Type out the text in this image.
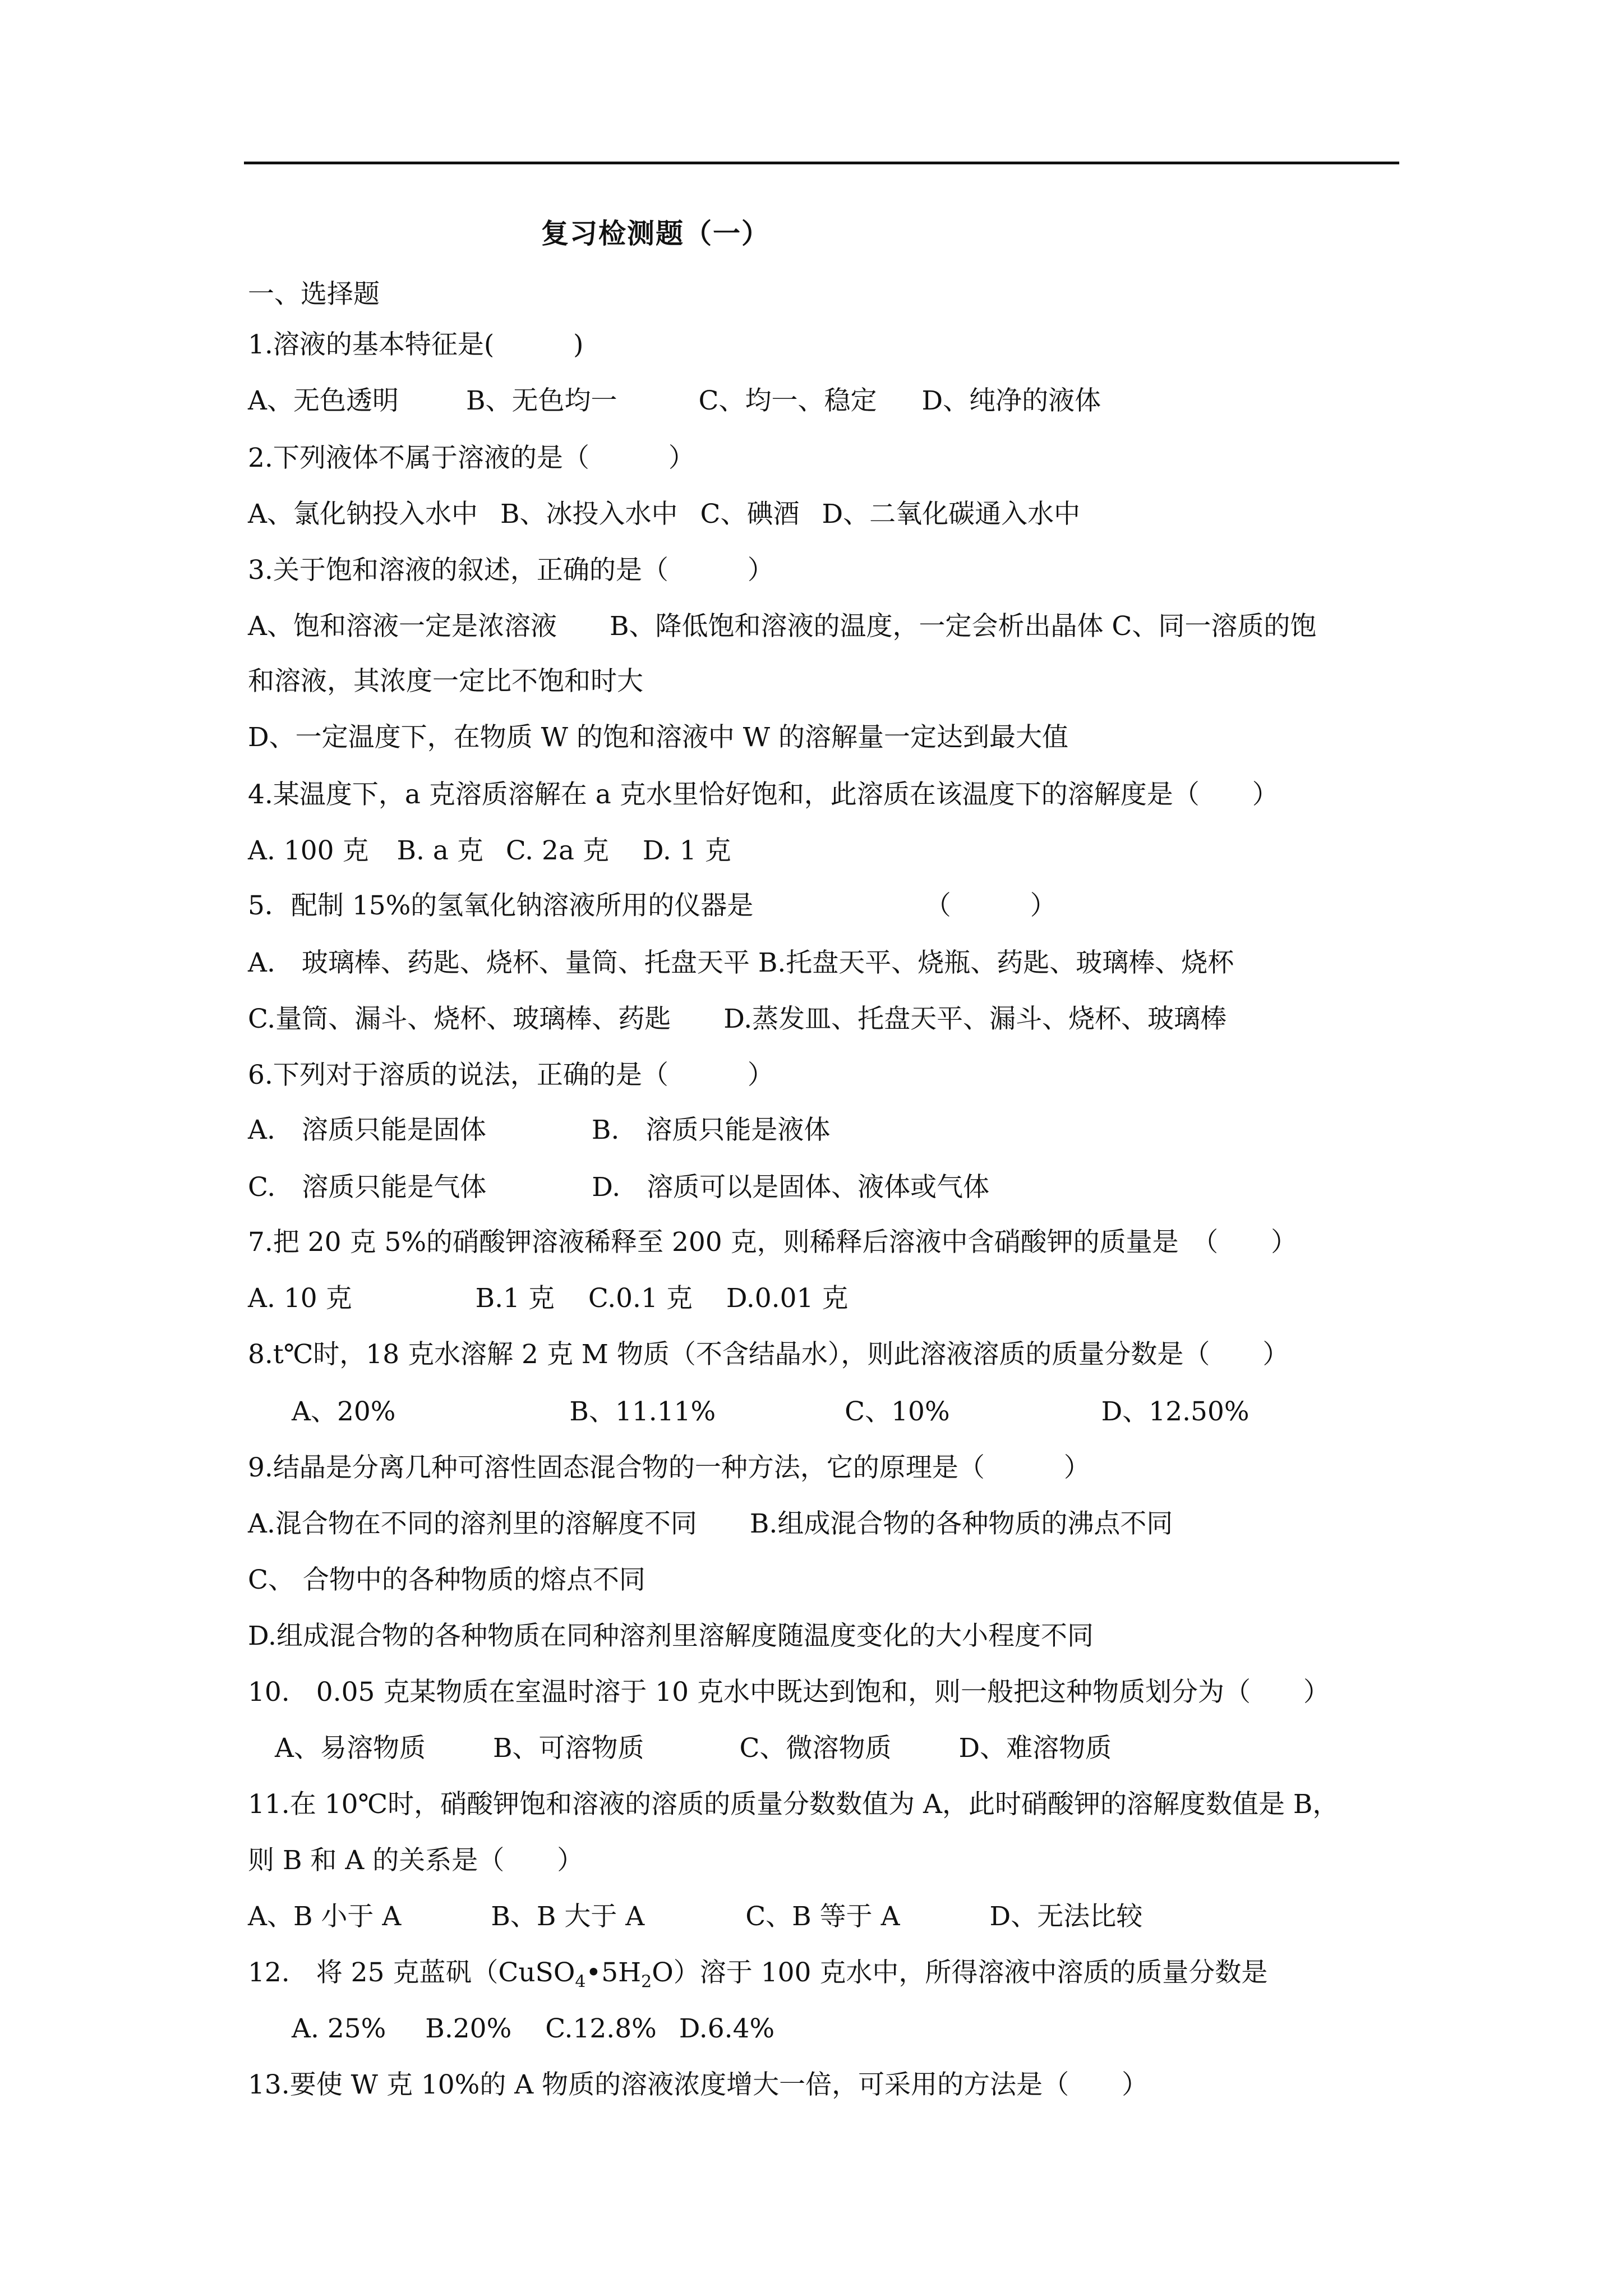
复习检测题（一）
一、选择题
1.溶液的基本特征是(　　　)
A、无色透明	B、无色均一	C、均一、稳定 D、纯净的液体
2.下列液体不属于溶液的是（　　　）
A、氯化钠投入水中 B、冰投入水中 C、碘酒 D、二氧化碳通入水中
3.关于饱和溶液的叙述，正确的是（　　　）
A、饱和溶液一定是浓溶液　　B、降低饱和溶液的温度，一定会析出晶体 C、同一溶质的饱
和溶液，其浓度一定比不饱和时大
D、一定温度下，在物质 W 的饱和溶液中 W 的溶解量一定达到最大值
4.某温度下，a 克溶质溶解在 a 克水里恰好饱和，此溶质在该温度下的溶解度是（　　）
A. 100 克 B. a 克 C. 2a 克 D. 1 克
5．配制 15%的氢氧化钠溶液所用的仪器是　　　　　　　（　　　）
A.　玻璃棒、药匙、烧杯、量筒、托盘天平 B.托盘天平、烧瓶、药匙、玻璃棒、烧杯
C.量筒、漏斗、烧杯、玻璃棒、药匙　　D.蒸发皿、托盘天平、漏斗、烧杯、玻璃棒
6.下列对于溶质的说法，正确的是（　　　）
A.　溶质只能是固体　　　　B.　溶质只能是液体
C.　溶质只能是气体　　　　D.　溶质可以是固体、液体或气体
7.把 20 克 5%的硝酸钾溶液稀释至 200 克，则稀释后溶液中含硝酸钾的质量是　（　　）
A. 10 克	B.1 克 C.0.1 克 D.0.01 克
8.t℃时，18 克水溶解 2 克 M 物质（不含结晶水），则此溶液溶质的质量分数是（　　）
A、20%	B、11.11%	C、10%	D、12.50%
9.结晶是分离几种可溶性固态混合物的一种方法，它的原理是（　　　）
A.混合物在不同的溶剂里的溶解度不同　　B.组成混合物的各种物质的沸点不同
C、 合物中的各种物质的熔点不同
D.组成混合物的各种物质在同种溶剂里溶解度随温度变化的大小程度不同
10.　0.05 克某物质在室温时溶于 10 克水中既达到饱和，则一般把这种物质划分为（　　）
A、易溶物质	B、可溶物质	C、微溶物质	D、难溶物质
11.在 10℃时，硝酸钾饱和溶液的溶质的质量分数数值为 A，此时硝酸钾的溶解度数值是 B，
则 B 和 A 的关系是（　　）
A、B 小于 A	B、B 大于 A	C、B 等于 A	D、无法比较
12.　将 25 克蓝矾$(CuSO_4•5H_2O)$溶于 100 克水中，所得溶液中溶质的质量分数是
A. 25% B.20% C.12.8% D.6.4%
13.要使 W 克 10%的 A 物质的溶液浓度增大一倍，可采用的方法是（　　）
